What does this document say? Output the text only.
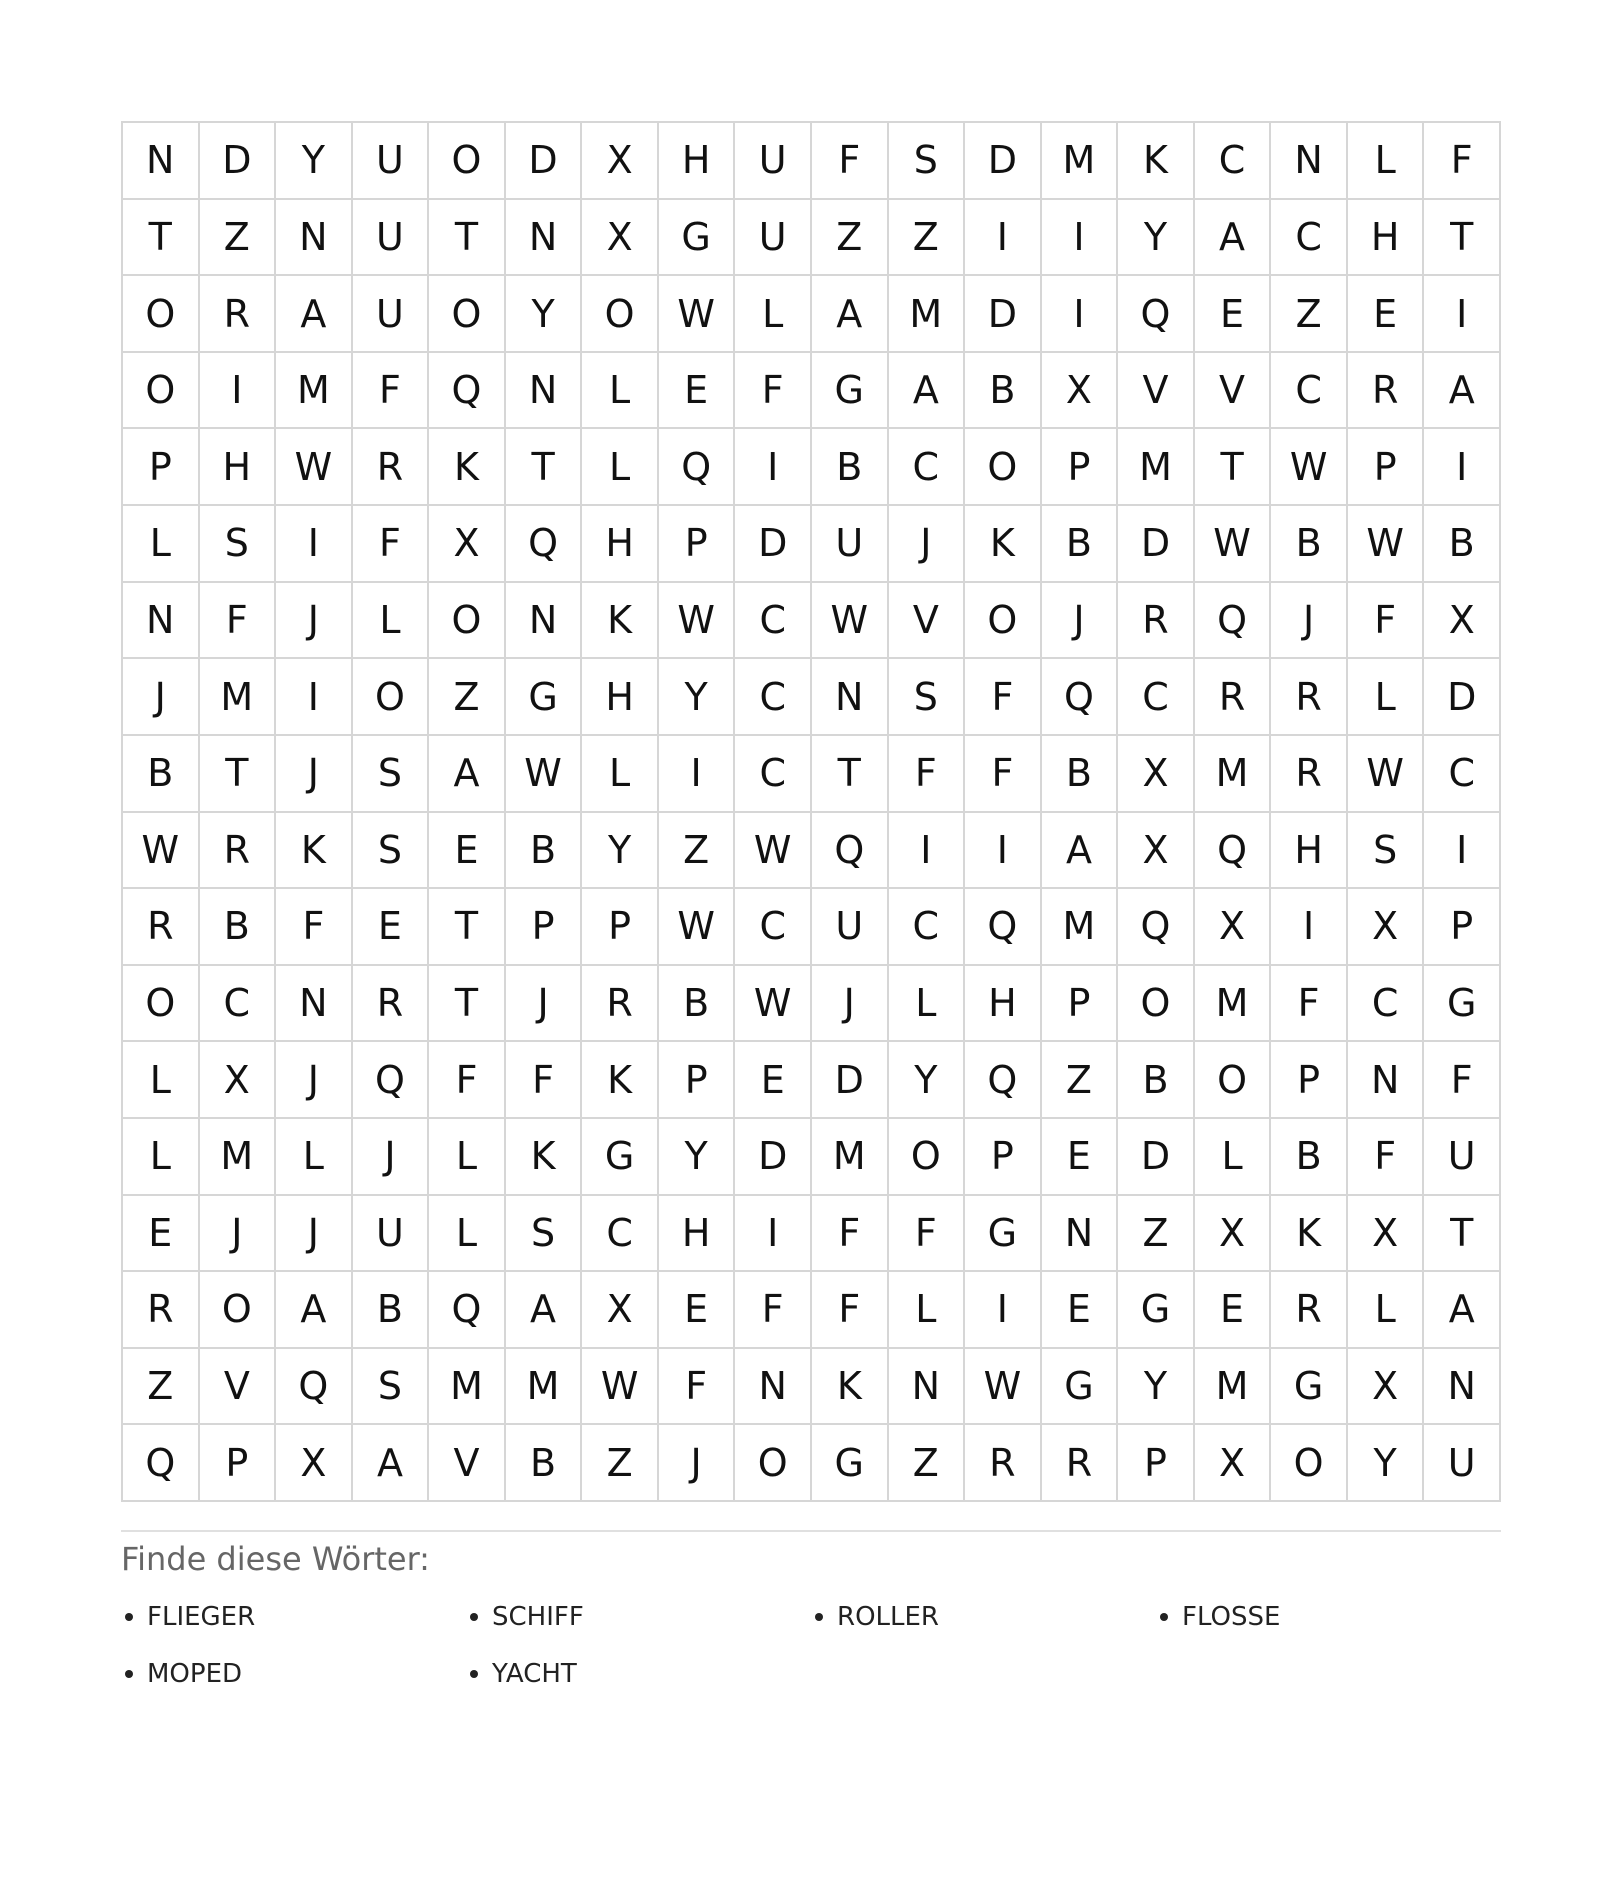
N	D	Y	U	O	D	X	H	U	F	S	D	M	K	C	N	L	F
T	Z	N	U	T	N	X	G	U	Z	Z	I	I	Y	A	C	H	T
O	R	A	U	O	Y	O	W	L	A	M	D	I	Q	E	Z	E	I
O	I	M	F	Q	N	L	E	F	G	A	B	X	V	V	C	R	A
P	H	W	R	K	T	L	Q	I	B	C	O	P	M	T	W	P	I
L	S	I	F	X	Q	H	P	D	U	J	K	B	D	W	B	W	B
N	F	J	L	O	N	K	W	C	W	V	O	J	R	Q	J	F	X
J	M	I	O	Z	G	H	Y	C	N	S	F	Q	C	R	R	L	D
B	T	J	S	A	W	L	I	C	T	F	F	B	X	M	R	W	C
W	R	K	S	E	B	Y	Z	W	Q	I	I	A	X	Q	H	S	I
R	B	F	E	T	P	P	W	C	U	C	Q	M	Q	X	I	X	P
O	C	N	R	T	J	R	B	W	J	L	H	P	O	M	F	C	G
L	X	J	Q	F	F	K	P	E	D	Y	Q	Z	B	O	P	N	F
L	M	L	J	L	K	G	Y	D	M	O	P	E	D	L	B	F	U
E	J	J	U	L	S	C	H	I	F	F	G	N	Z	X	K	X	T
R	O	A	B	Q	A	X	E	F	F	L	I	E	G	E	R	L	A
Z	V	Q	S	M	M	W	F	N	K	N	W	G	Y	M	G	X	N
Q	P	X	A	V	B	Z	J	O	G	Z	R	R	P	X	O	Y	U
Finde diese Wörter:
FLIEGER	SCHIFF	ROLLER	FLOSSE
MOPED	YACHT
